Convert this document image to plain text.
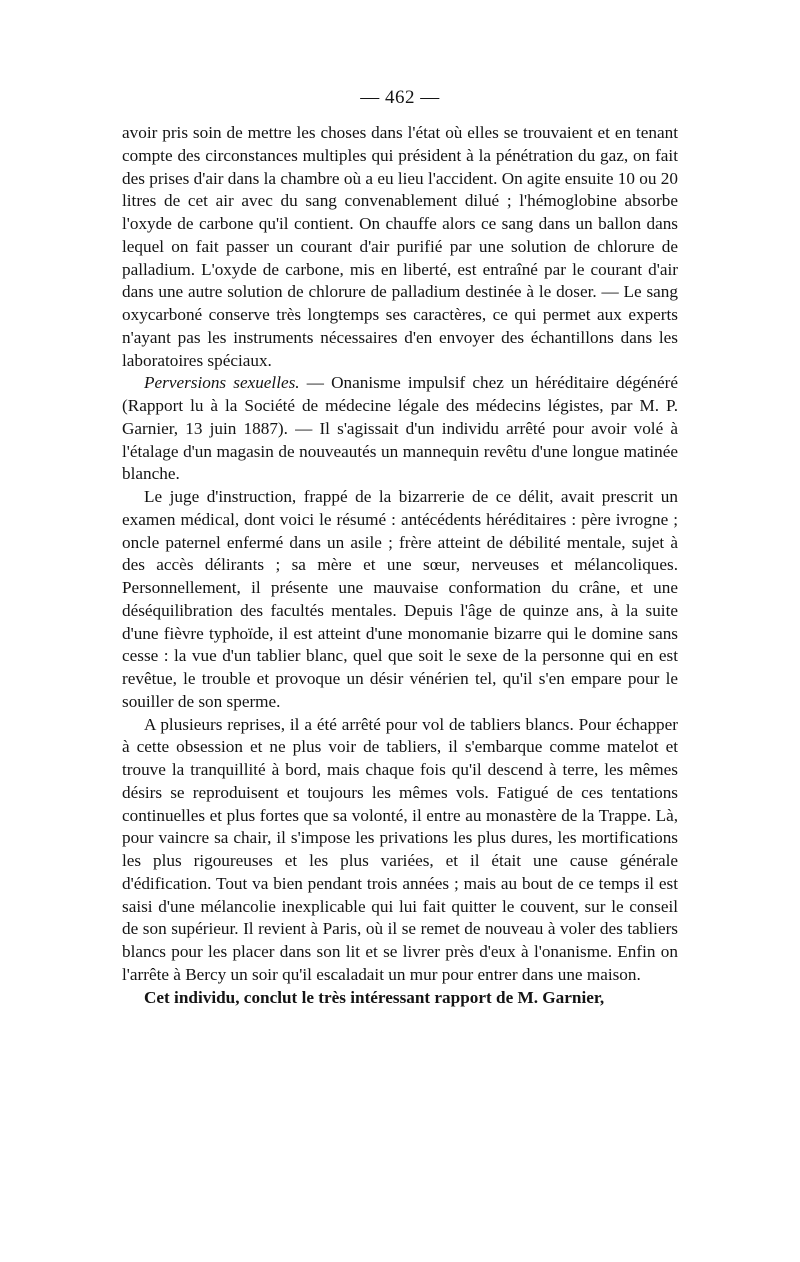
— 462 —

avoir pris soin de mettre les choses dans l'état où elles se trouvaient et en tenant compte des circonstances multiples qui président à la pénétration du gaz, on fait des prises d'air dans la chambre où a eu lieu l'accident. On agite ensuite 10 ou 20 litres de cet air avec du sang convenablement dilué ; l'hémoglobine absorbe l'oxyde de carbone qu'il contient. On chauffe alors ce sang dans un ballon dans lequel on fait passer un courant d'air purifié par une solution de chlorure de palladium. L'oxyde de carbone, mis en liberté, est entraîné par le courant d'air dans une autre solution de chlorure de palladium destinée à le doser. — Le sang oxycarboné conserve très longtemps ses caractères, ce qui permet aux experts n'ayant pas les instruments nécessaires d'en envoyer des échantillons dans les laboratoires spéciaux.

Perversions sexuelles. — Onanisme impulsif chez un héréditaire dégénéré (Rapport lu à la Société de médecine légale des médecins légistes, par M. P. Garnier, 13 juin 1887). — Il s'agissait d'un individu arrêté pour avoir volé à l'étalage d'un magasin de nouveautés un mannequin revêtu d'une longue matinée blanche.

Le juge d'instruction, frappé de la bizarrerie de ce délit, avait prescrit un examen médical, dont voici le résumé : antécédents héréditaires : père ivrogne ; oncle paternel enfermé dans un asile ; frère atteint de débilité mentale, sujet à des accès délirants ; sa mère et une sœur, nerveuses et mélancoliques. Personnellement, il présente une mauvaise conformation du crâne, et une déséquilibration des facultés mentales. Depuis l'âge de quinze ans, à la suite d'une fièvre typhoïde, il est atteint d'une monomanie bizarre qui le domine sans cesse : la vue d'un tablier blanc, quel que soit le sexe de la personne qui en est revêtue, le trouble et provoque un désir vénérien tel, qu'il s'en empare pour le souiller de son sperme.

A plusieurs reprises, il a été arrêté pour vol de tabliers blancs. Pour échapper à cette obsession et ne plus voir de tabliers, il s'embarque comme matelot et trouve la tranquillité à bord, mais chaque fois qu'il descend à terre, les mêmes désirs se reproduisent et toujours les mêmes vols. Fatigué de ces tentations continuelles et plus fortes que sa volonté, il entre au monastère de la Trappe. Là, pour vaincre sa chair, il s'impose les privations les plus dures, les mortifications les plus rigoureuses et les plus variées, et il était une cause générale d'édification. Tout va bien pendant trois années ; mais au bout de ce temps il est saisi d'une mélancolie inexplicable qui lui fait quitter le couvent, sur le conseil de son supérieur. Il revient à Paris, où il se remet de nouveau à voler des tabliers blancs pour les placer dans son lit et se livrer près d'eux à l'onanisme. Enfin on l'arrête à Bercy un soir qu'il escaladait un mur pour entrer dans une maison.

Cet individu, conclut le très intéressant rapport de M. Garnier,
